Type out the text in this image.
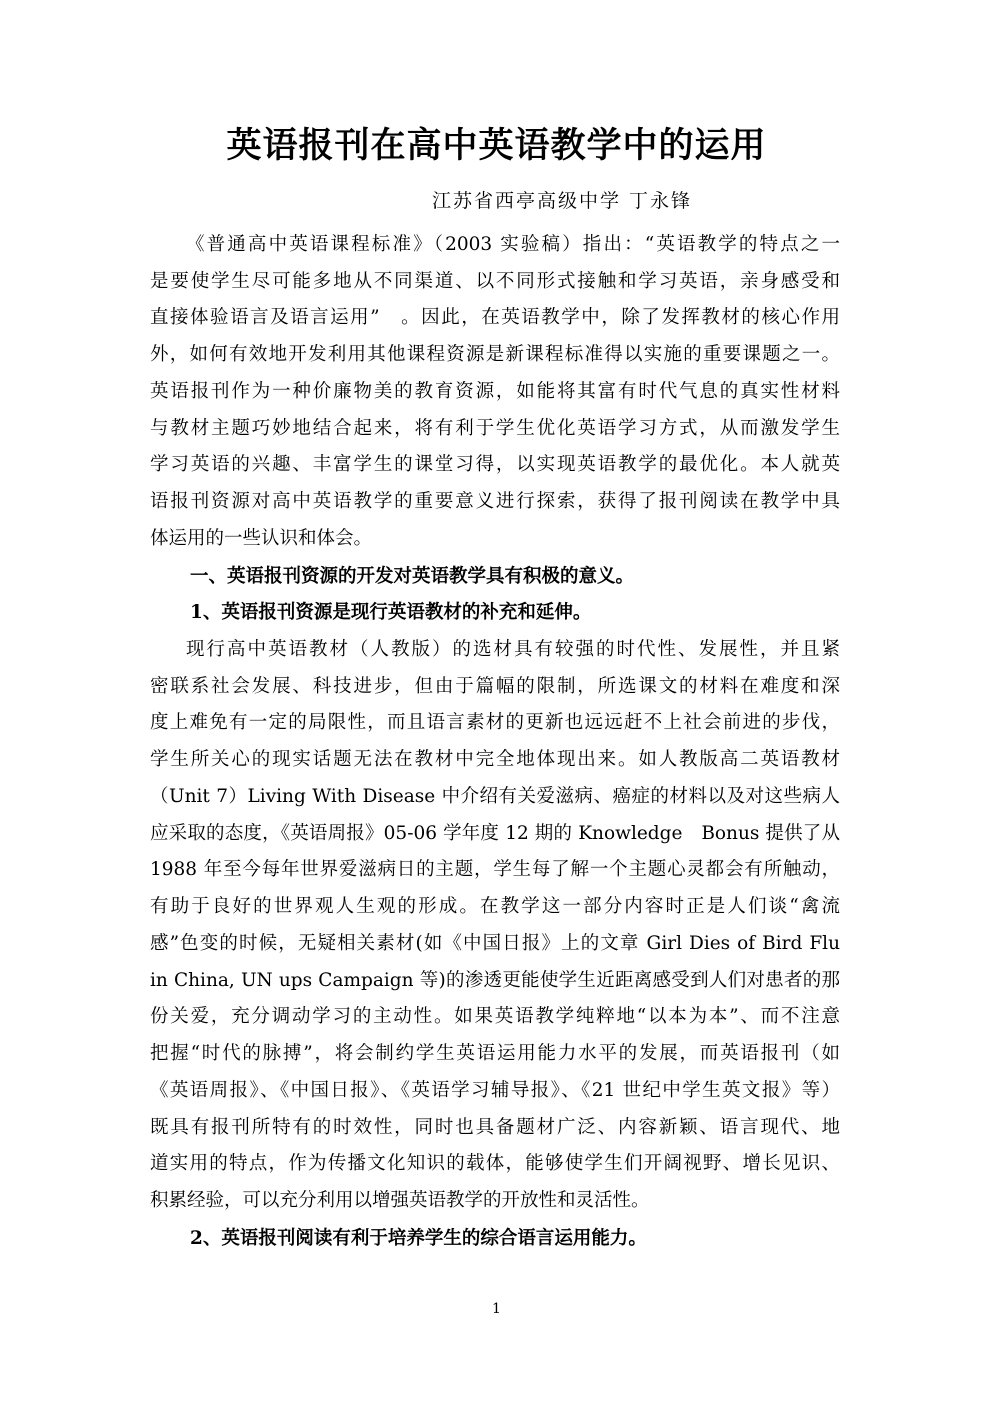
英语报刊在高中英语教学中的运用
江苏省西亭高级中学 丁永锋
《普通高中英语课程标准》（2003 实验稿）指出：“英语教学的特点之一
是要使学生尽可能多地从不同渠道、以不同形式接触和学习英语，亲身感受和
直接体验语言及语言运用”　。因此，在英语教学中，除了发挥教材的核心作用
外，如何有效地开发利用其他课程资源是新课程标准得以实施的重要课题之一。
英语报刊作为一种价廉物美的教育资源，如能将其富有时代气息的真实性材料
与教材主题巧妙地结合起来，将有利于学生优化英语学习方式，从而激发学生
学习英语的兴趣、丰富学生的课堂习得，以实现英语教学的最优化。本人就英
语报刊资源对高中英语教学的重要意义进行探索，获得了报刊阅读在教学中具
体运用的一些认识和体会。
一、英语报刊资源的开发对英语教学具有积极的意义。
1、英语报刊资源是现行英语教材的补充和延伸。
现行高中英语教材（人教版）的选材具有较强的时代性、发展性，并且紧
密联系社会发展、科技进步，但由于篇幅的限制，所选课文的材料在难度和深
度上难免有一定的局限性，而且语言素材的更新也远远赶不上社会前进的步伐，
学生所关心的现实话题无法在教材中完全地体现出来。如人教版高二英语教材
（Unit 7）Living With Disease 中介绍有关爱滋病、癌症的材料以及对这些病人
应采取的态度，《英语周报》05-06 学年度 12 期的 Knowledge　Bonus 提供了从
1988 年至今每年世界爱滋病日的主题，学生每了解一个主题心灵都会有所触动，
有助于良好的世界观人生观的形成。在教学这一部分内容时正是人们谈“禽流
感”色变的时候，无疑相关素材(如《中国日报》上的文章 Girl Dies of Bird Flu
in China, UN ups Campaign 等)的渗透更能使学生近距离感受到人们对患者的那
份关爱，充分调动学习的主动性。如果英语教学纯粹地“以本为本”、而不注意
把握“时代的脉搏”，将会制约学生英语运用能力水平的发展，而英语报刊（如
《英语周报》、《中国日报》、《英语学习辅导报》、《21 世纪中学生英文报》等）
既具有报刊所特有的时效性，同时也具备题材广泛、内容新颖、语言现代、地
道实用的特点，作为传播文化知识的载体，能够使学生们开阔视野、增长见识、
积累经验，可以充分利用以增强英语教学的开放性和灵活性。
2、英语报刊阅读有利于培养学生的综合语言运用能力。
1
